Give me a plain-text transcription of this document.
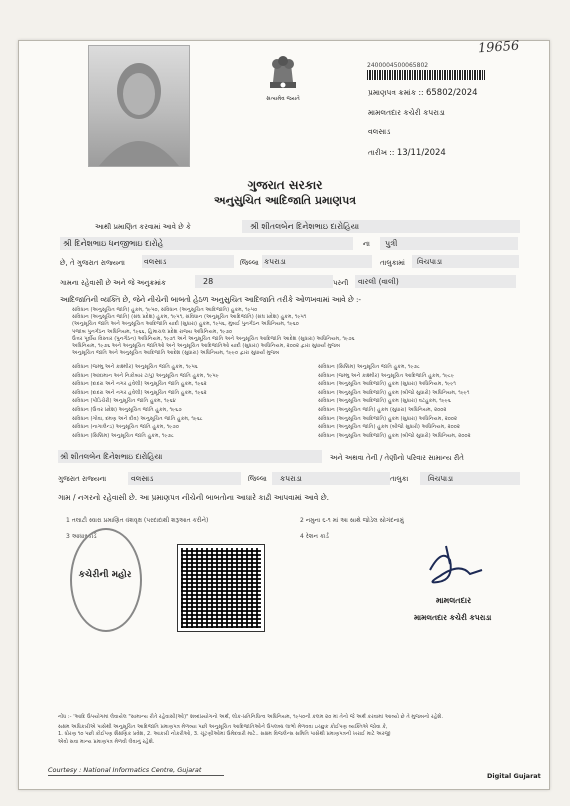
19656
સત્યમેવ જયતે
2400004500065802
પ્રમાણપત્ર ક્રમાંક :: 65802/2024
મામલતદાર કચેરી કપરાડા
વલસાડ
તારીખ :: 13/11/2024
ગુજરાત સરકાર
અનુસુચિત આદિજાતિ પ્રમાણપત્ર
આથી પ્રમાણિત કરવામાં આવે છે કે	શ્રી શીતલબેન દિનેશભાઇ દારોહિયા
શ્રી દિનેશભાઇ ધનજીભાઇ દારોહે	ના	પુત્રી
છે, તે ગુજરાત રાજ્યના	વલસાડ	જિલ્લા કપરાડા	તાલુકામાં	વિંચપાડા
ગામના રહેવાસી છે અને જે અનુક્રમાંક	28	પરની	વારલી (વાલી)
આદિજાતિની વ્યક્તિ છે, જેને નીચેની બાબતો હેઠળ અનુસુચિત આદિજાતિ તરીકે ઓળખવામાં આવે છે :-
સંવિધાન (અનુસૂચિત જાતિ) હુકમ, ૧૯૫૦, સંવિધાન (અનુસૂચિત આદિજાતિ) હુકમ, ૧૯૫૦
સંવિધાન (અનુસૂચિત જાતિ) (સંઘ પ્રદેશ) હુકમ, ૧૯૫૧, સંવિધાન (અનુસૂચિત આદિજાતિ) (સંઘ પ્રદેશ) હુકમ, ૧૯૫૧
(અનુસૂચિત જાતિ અને અનુસૂચિત આદિજાતિ યાદી (સુધારા) હુકમ, ૧૯૫૬, મુંબઈ પુનર્ગઠન અધિનિયમ, ૧૯૬૦
પંજાબ પુનર્ગઠન અધિનિયમ, ૧૯૬૬, હિમાચલ પ્રદેશ રાજ્ય અધિનિયમ, ૧૯૭૦
ઉત્તર પૂર્વીય વિસ્તાર (પુનર્ગઠન) અધિનિયમ, ૧૯૭૧ અને અનુસૂચિત જાતિ અને અનુસૂચિત આદિજાતિ આદેશ (સુધારા) અધિનિયમ, ૧૯૭૬
અધિનિયમ, ૧૯૭૬ અને અનુસૂચિત જાતિઓ અને અનુસૂચિત આદિજાતિઓ યાદી (સુધારા) અધિનિયમ, ૨૦૦૨ દ્વારા સુધાર્યા મુજબ
અનુસૂચિત જાતિ અને અનુસૂચિત આદિજાતિ આદેશ (સુધારા) અધિનિયમ, ૧૯૯૦ દ્વારા સુધાર્યા મુજબ
સંવિધાન (જમ્મુ અને કાશ્મીર) અનુસૂચિત જાતિ હુકમ, ૧૯૫૬
સંવિધાન (આંદામાન અને નિકોબાર ટાપુ) અનુસૂચિત જાતિ હુકમ, ૧૯૫૯
સંવિધાન (દાદરા અને નગર હવેલી) અનુસૂચિત જાતિ હુકમ, ૧૯૬૨
સંવિધાન (દાદરા અને નગર હવેલી) અનુસૂચિત જાતિ હુકમ, ૧૯૬૨
સંવિધાન (પોંડિચેરી) અનુસૂચિત જાતિ હુકમ, ૧૯૬૪
સંવિધાન (ઉત્તર પ્રદેશ) અનુસૂચિત જાતિ હુકમ, ૧૯૬૭
સંવિધાન (ગોવા, દમણ અને દીવ) અનુસૂચિત જાતિ હુકમ, ૧૯૬૮
સંવિધાન (નાગાલેન્ડ) અનુસૂચિત જાતિ હુકમ, ૧૯૭૦
સંવિધાન (સિક્કિમ) અનુસૂચિત જાતિ હુકમ, ૧૯૭૮
સંવિધાન (સિક્કિમ) અનુસૂચિત જાતિ હુકમ, ૧૯૭૮
સંવિધાન (જમ્મુ અને કાશ્મીર) અનુસૂચિત આદિજાતિ હુકમ, ૧૯૮૯
સંવિધાન (અનુસૂચિત આદિજાતિ) હુકમ (સુધારા) અધિનિયમ, ૧૯૯૧
સંવિધાન (અનુસૂચિત આદિજાતિ) હુકમ (બીજો સુધારો) અધિનિયમ, ૧૯૯૧
સંવિધાન (અનુસૂચિત આદિજાતિ) હુકમ (સુધારા) વટહુકમ, ૧૯૯૬
સંવિધાન (અનુસૂચિત જાતિ) હુકમ (સુધારા) અધિનિયમ, ૨૦૦૨
સંવિધાન (અનુસૂચિત આદિજાતિ) હુકમ (સુધારા) અધિનિયમ, ૨૦૦૨
સંવિધાન (અનુસૂચિત જાતિ) હુકમ (બીજો સુધારો) અધિનિયમ, ૨૦૦૨
સંવિધાન (અનુસૂચિત આદિજાતિ) હુકમ (બીજો સુધારો) અધિનિયમ, ૨૦૦૨
શ્રી શીતલબેન દિનેશભાઇ દારોહિયા	અને અથવા તેની / તેણીનો પરિવાર સામાન્ય રીતે
ગુજરાત રાજ્યના	વલસાડ	જિલ્લા	કપરાડા	તાલુકા	વિંચપાડા
ગામ / નગરનો રહેવાસી છે. આ પ્રમાણપત્ર નીચેની બાબતોના આધારે કાઢી આપવામાં આવે છે.
1 તલાટી સ્વારા પ્રમાણિત વંશવૃક્ષ (પરદાદાથી શરૂઆત કરીને)	2 નમુના ૬-૧ માં આ સાથે જોડેલ સોગંદનામું
3 આધારકાર્ડ	4 રેશન કાર્ડ
કચેરીની મહોર
મામલતદાર
મામલતદાર કચેરી કપરાડા
નોંધ :- 'આદિ ઉપયોગમાં લેવાયેલ "સામાન્ય રીતે રહેવાસી(ઓ)" શબ્દપ્રયોગનો અર્થ, લોક-પ્રતિનિધિત્વ અધિનિયમ, ૧૯૫૦ની કલમ ૨૦ માં તેનો જે અર્થ કરવામાં આવ્યો છે તે મુજબનો રહેશે.
સક્ષમ અધિકારીએ પાસેથી અનુસૂચિત આદિજાતિ પ્રમાણપત્ર મેળવ્યા પછી અનુસૂચિત આદિજાતિઓને ઉપલબ્ધ લાભો મેળવવા ઇચ્છુક કોઈપણ વ્યક્તિએ જોવા કે,
1. ધોરણ ૧૦ પછી કોઈપણ શૈક્ષણિક પ્રવેશ, 2. આકારી નોકરીઓ, 3. ચૂંટણીઓમાં ઉમેદવારી માટે.. સક્ષમ વિજલેન્સ સમિતિ પાસેથી પ્રમાણપત્રની ખરાઈ માટે અરજી
એવો સવા માન્ય પ્રમાણપત્ર મેળવી લેવાનું રહેશે.
Courtesy : National Informatics Centre, Gujarat
Digital Gujarat
